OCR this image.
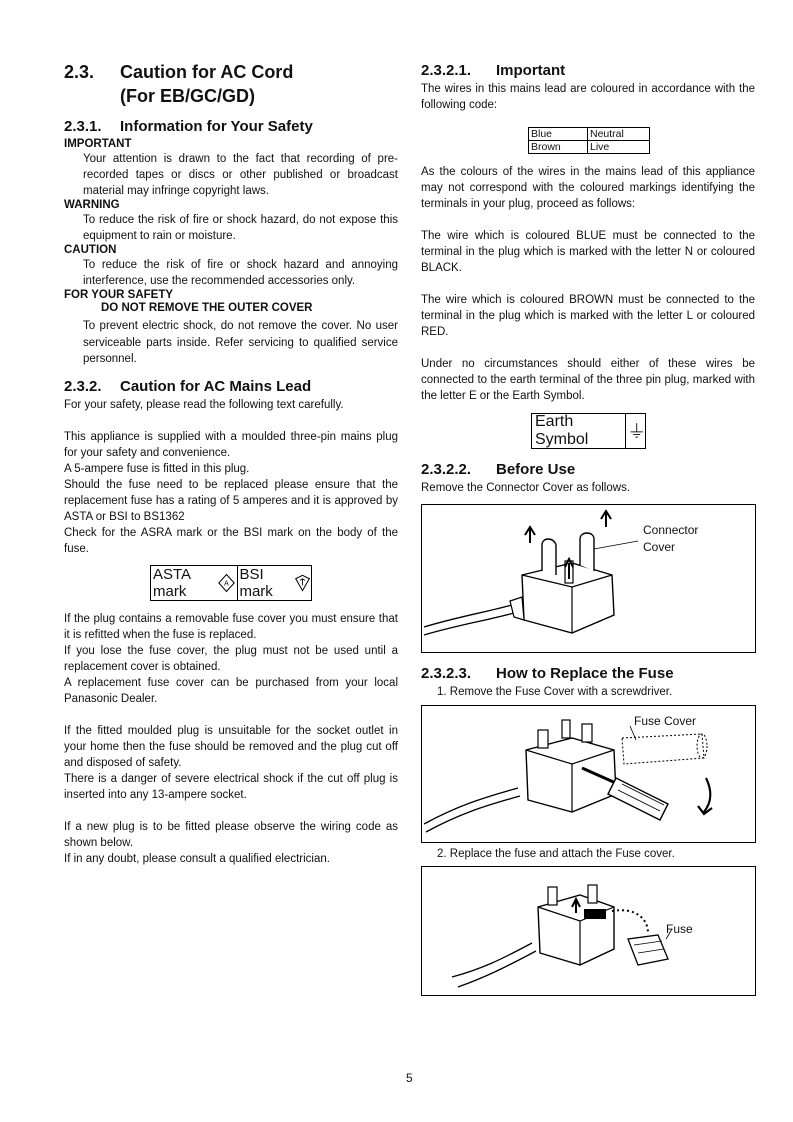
2.3. Caution for AC Cord
(For EB/GC/GD)
2.3.1. Information for Your Safety
IMPORTANT
Your attention is drawn to the fact that recording of pre-recorded tapes or discs or other published or broadcast material may infringe copyright laws.
WARNING
To reduce the risk of fire or shock hazard, do not expose this equipment to rain or moisture.
CAUTION
To reduce the risk of fire or shock hazard and annoying interference, use the recommended accessories only.
FOR YOUR SAFETY
DO NOT REMOVE THE OUTER COVER
To prevent electric shock, do not remove the cover. No user serviceable parts inside. Refer servicing to qualified service personnel.
2.3.2. Caution for AC Mains Lead
For your safety, please read the following text carefully.
This appliance is supplied with a moulded three-pin mains plug for your safety and convenience.
A 5-ampere fuse is fitted in this plug.
Should the fuse need to be replaced please ensure that the replacement fuse has a rating of 5 amperes and it is approved by ASTA or BSI to BS1362
Check for the ASRA mark or the BSI mark on the body of the fuse.
ASTA mark	A
BSI mark
If the plug contains a removable fuse cover you must ensure that it is refitted when the fuse is replaced.
If you lose the fuse cover, the plug must not be used until a replacement cover is obtained.
A replacement fuse cover can be purchased from your local Panasonic Dealer.
If the fitted moulded plug is unsuitable for the socket outlet in your home then the fuse should be removed and the plug cut off and disposed of safety.
There is a danger of severe electrical shock if the cut off plug is inserted into any 13-ampere socket.
If a new plug is to be fitted please observe the wiring code as shown below.
If in any doubt, please consult a qualified electrician.
2.3.2.1. Important
The wires in this mains lead are coloured in accordance with the following code:
Blue	Neutral
Brown	Live
As the colours of the wires in the mains lead of this appliance may not correspond with the coloured markings identifying the terminals in your plug, proceed as follows:
The wire which is coloured BLUE must be connected to the terminal in the plug which is marked with the letter N or coloured BLACK.
The wire which is coloured BROWN must be connected to the terminal in the plug which is marked with the letter L or coloured RED.
Under no circumstances should either of these wires be connected to the earth terminal of the three pin plug, marked with the letter E or the Earth Symbol.
Earth Symbol
2.3.2.2. Before Use
Remove the Connector Cover as follows.
Connector
Cover
2.3.2.3. How to Replace the Fuse
1. Remove the Fuse Cover with a screwdriver.
Fuse Cover
2. Replace the fuse and attach the Fuse cover.
Fuse
5
